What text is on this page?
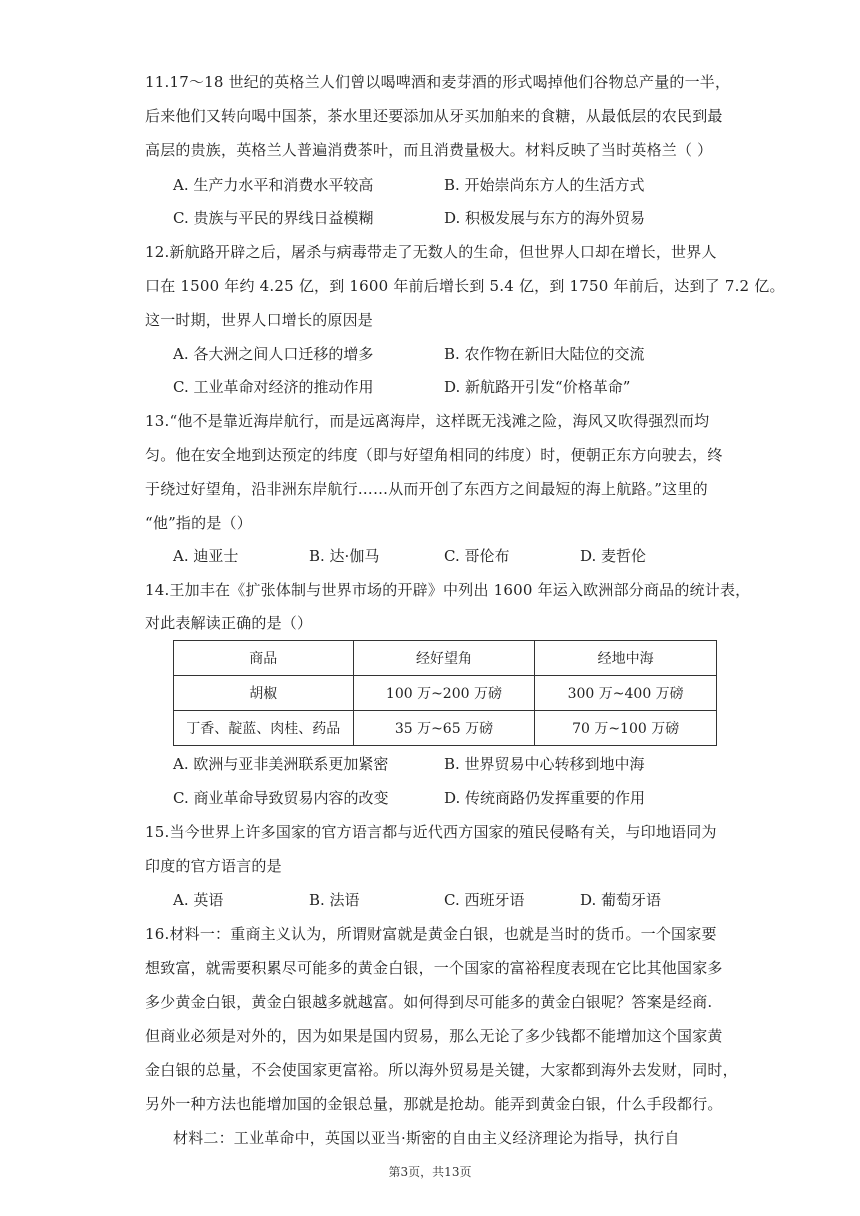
11.17～18 世纪的英格兰人们曾以喝啤酒和麦芽酒的形式喝掉他们谷物总产量的一半，
后来他们又转向喝中国茶，茶水里还要添加从牙买加舶来的食糖，从最低层的农民到最
高层的贵族，英格兰人普遍消费茶叶，而且消费量极大。材料反映了当时英格兰（ ）
A. 生产力水平和消费水平较高	B. 开始崇尚东方人的生活方式
C. 贵族与平民的界线日益模糊	D. 积极发展与东方的海外贸易
12.新航路开辟之后，屠杀与病毒带走了无数人的生命，但世界人口却在增长，世界人
口在 1500 年约 4.25 亿，到 1600 年前后增长到 5.4 亿，到 1750 年前后，达到了 7.2 亿。
这一时期，世界人口增长的原因是
A. 各大洲之间人口迁移的增多	B. 农作物在新旧大陆位的交流
C. 工业革命对经济的推动作用	D. 新航路开引发“价格革命”
13.“他不是靠近海岸航行，而是远离海岸，这样既无浅滩之险，海风又吹得强烈而均
匀。他在安全地到达预定的纬度（即与好望角相同的纬度）时，便朝正东方向驶去，终
于绕过好望角，沿非洲东岸航行……从而开创了东西方之间最短的海上航路。”这里的
“他”指的是（）
A. 迪亚士	B. 达·伽马	C. 哥伦布	D. 麦哲伦
14.王加丰在《扩张体制与世界市场的开辟》中列出 1600 年运入欧洲部分商品的统计表，
对此表解读正确的是（）
商品	经好望角	经地中海
胡椒	100 万~200 万磅	300 万~400 万磅
丁香、靛蓝、肉桂、药品	35 万~65 万磅	70 万~100 万磅
A. 欧洲与亚非美洲联系更加紧密	B. 世界贸易中心转移到地中海
C. 商业革命导致贸易内容的改变	D. 传统商路仍发挥重要的作用
15.当今世界上许多国家的官方语言都与近代西方国家的殖民侵略有关，与印地语同为
印度的官方语言的是
A. 英语	B. 法语	C. 西班牙语	D. 葡萄牙语
16.材料一：重商主义认为，所谓财富就是黄金白银，也就是当时的货币。一个国家要
想致富，就需要积累尽可能多的黄金白银，一个国家的富裕程度表现在它比其他国家多
多少黄金白银，黄金白银越多就越富。如何得到尽可能多的黄金白银呢？答案是经商.
但商业必须是对外的，因为如果是国内贸易，那么无论了多少钱都不能增加这个国家黄
金白银的总量，不会使国家更富裕。所以海外贸易是关键，大家都到海外去发财，同时，
另外一种方法也能增加国的金银总量，那就是抢劫。能弄到黄金白银，什么手段都行。
材料二：工业革命中，英国以亚当·斯密的自由主义经济理论为指导，执行自
第3页，共13页
